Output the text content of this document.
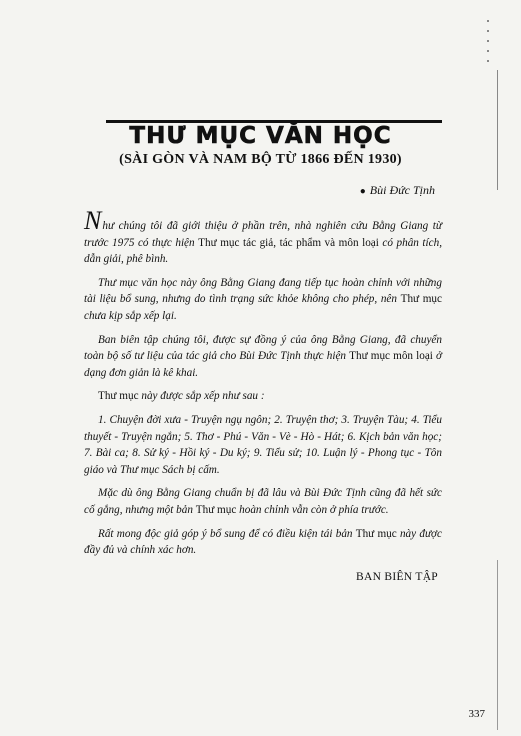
THƯ MỤC VĂN HỌC
(SÀI GÒN VÀ NAM BỘ TỪ 1866 ĐẾN 1930)
● Bùi Đức Tịnh

Như chúng tôi đã giới thiệu ở phần trên, nhà nghiên cứu Bằng Giang từ trước 1975 có thực hiện Thư mục tác giả, tác phẩm và môn loại có phân tích, dẫn giải, phê bình.

Thư mục văn học này ông Bằng Giang đang tiếp tục hoàn chỉnh với những tài liệu bổ sung, nhưng do tình trạng sức khỏe không cho phép, nên Thư mục chưa kịp sắp xếp lại.

Ban biên tập chúng tôi, được sự đồng ý của ông Bằng Giang, đã chuyển toàn bộ số tư liệu của tác giả cho Bùi Đức Tịnh thực hiện Thư mục môn loại ở dạng đơn giản là kê khai.

Thư mục này được sắp xếp như sau :

1. Chuyện đời xưa - Truyện ngụ ngôn; 2. Truyện thơ; 3. Truyện Tàu; 4. Tiểu thuyết - Truyện ngắn; 5. Thơ - Phú - Văn - Vè - Hò - Hát; 6. Kịch bản văn học; 7. Bài ca; 8. Sử ký - Hồi ký - Du ký; 9. Tiểu sử; 10. Luận lý - Phong tục - Tôn giáo và Thư mục Sách bị cấm.

Mặc dù ông Bằng Giang chuẩn bị đã lâu và Bùi Đức Tịnh cũng đã hết sức cố gắng, nhưng một bản Thư mục hoàn chỉnh vẫn còn ở phía trước.

Rất mong độc giả góp ý bổ sung để có điều kiện tái bản Thư mục này được đầy đủ và chính xác hơn.

BAN BIÊN TẬP
337
